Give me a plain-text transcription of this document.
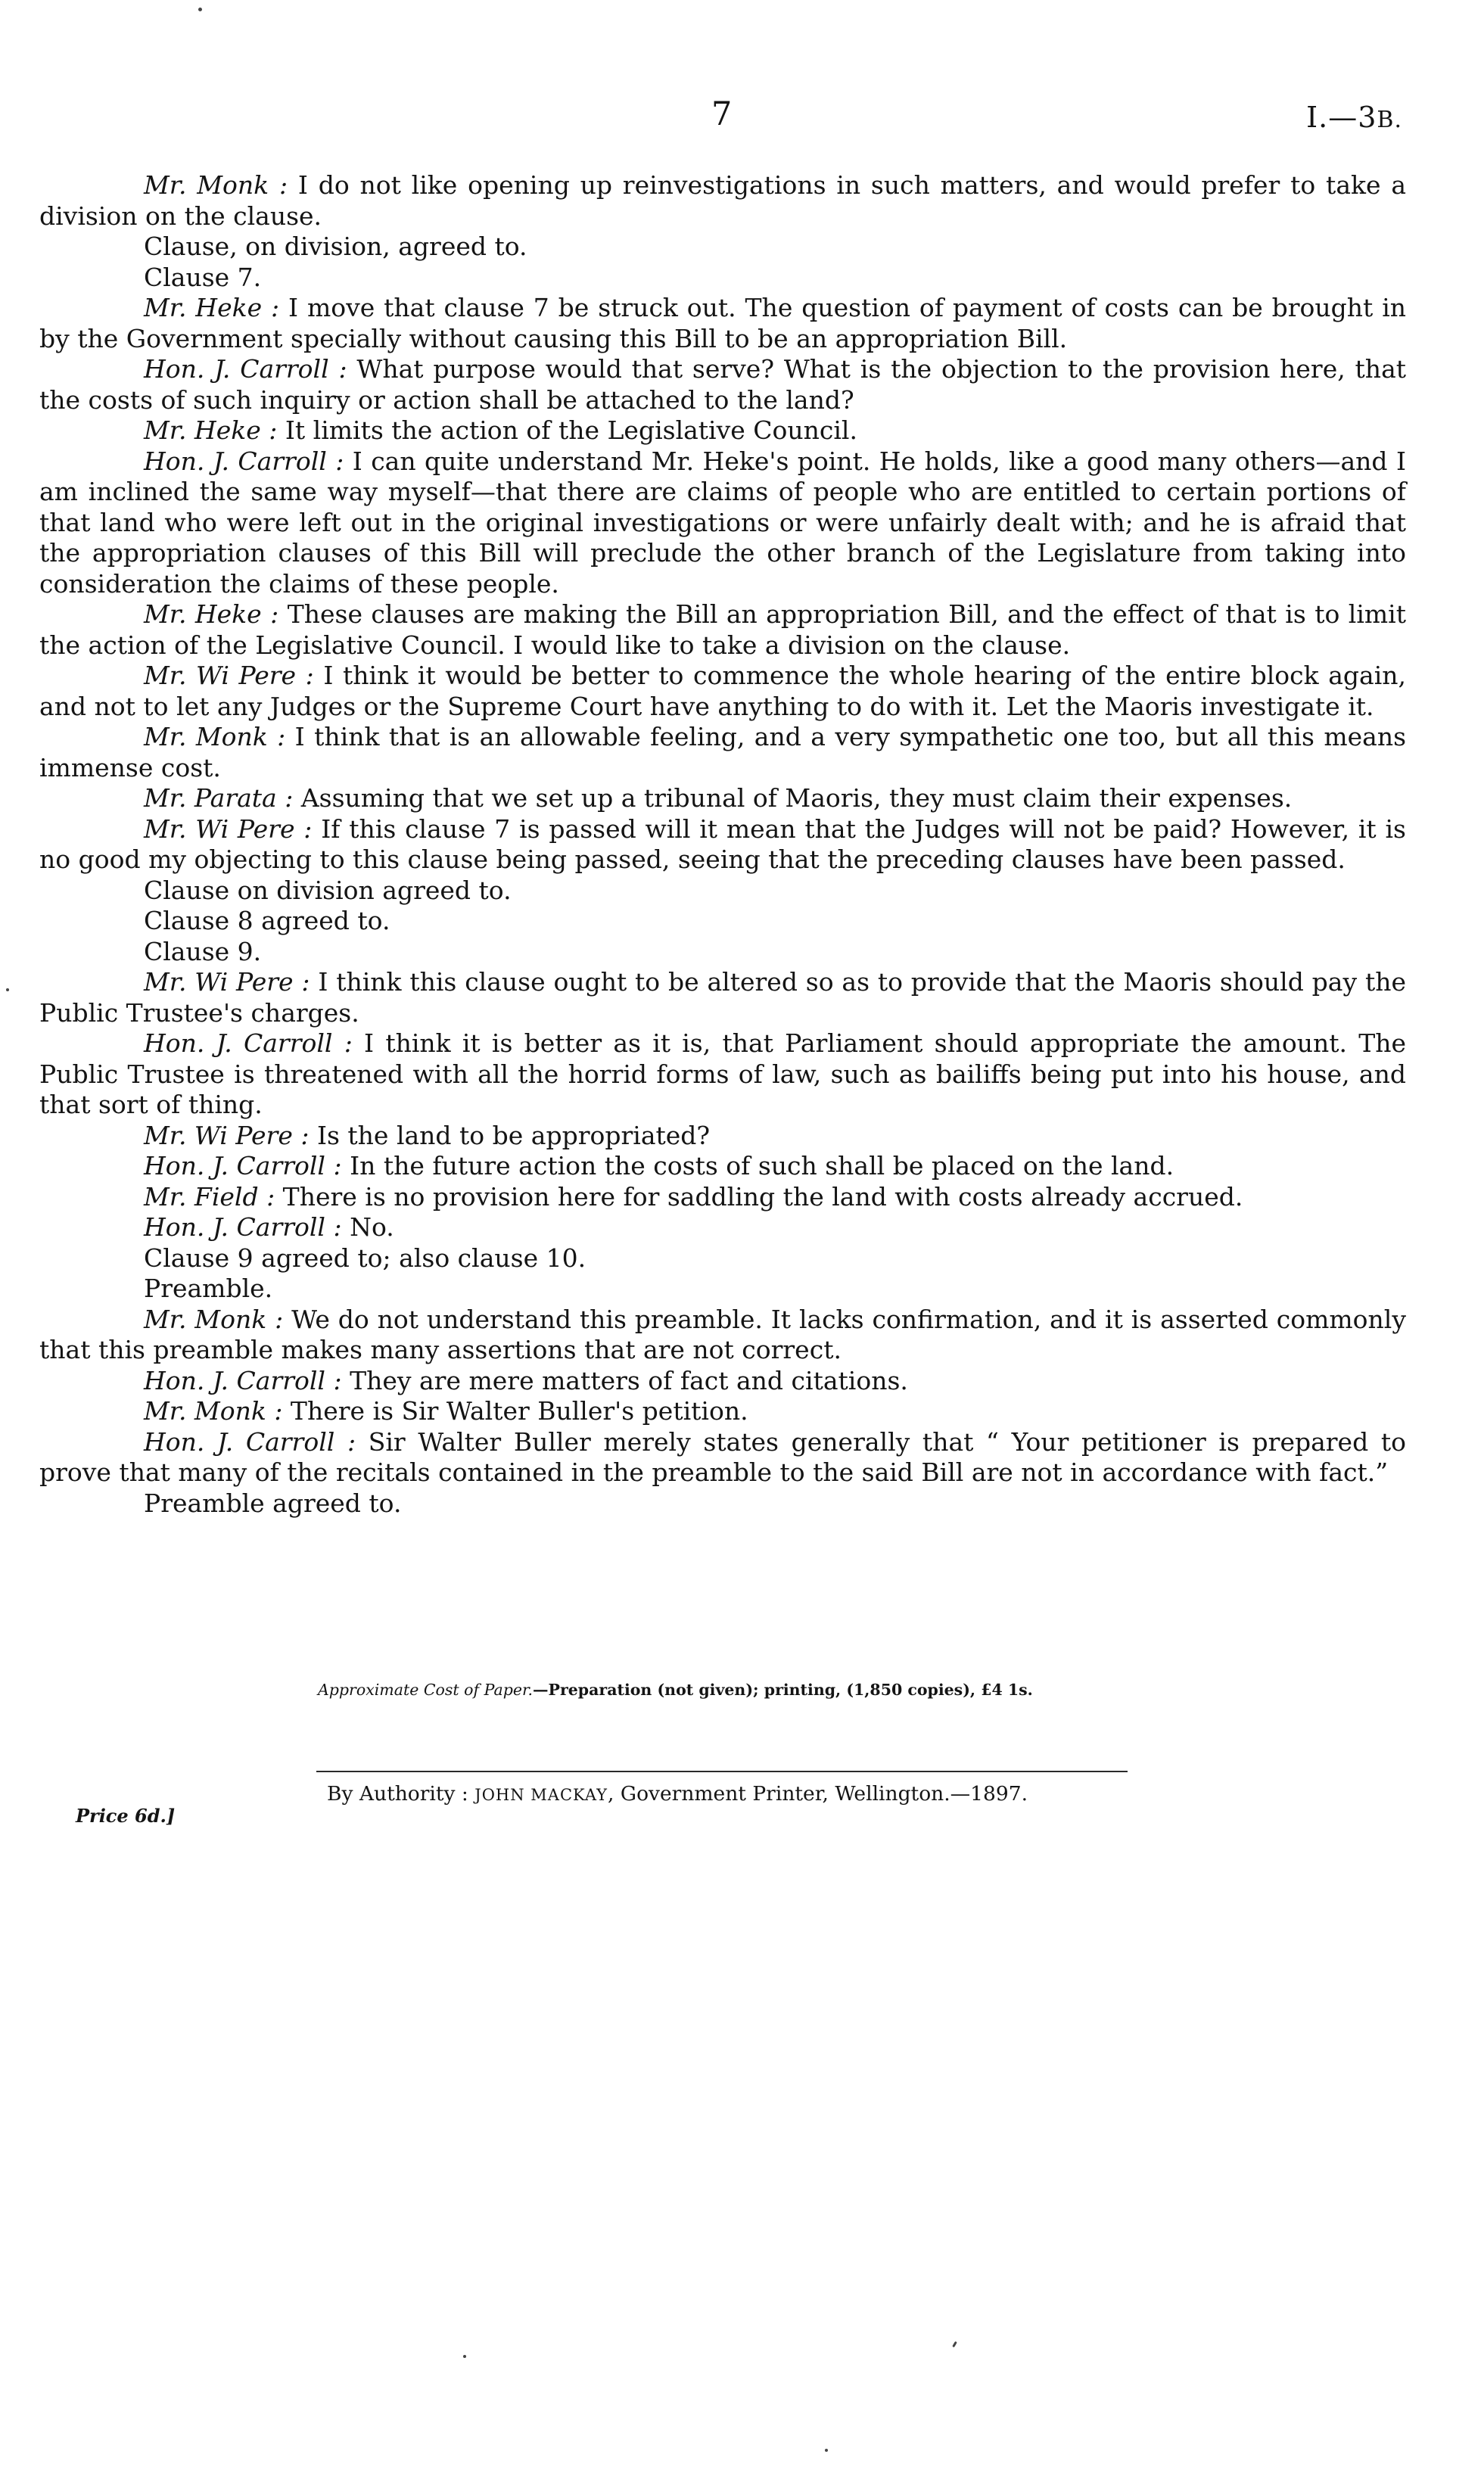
7	I.—3B.

Mr. Monk : I do not like opening up reinvestigations in such matters, and would prefer to take a division on the clause.

Clause, on division, agreed to.

Clause 7.

Mr. Heke : I move that clause 7 be struck out. The question of payment of costs can be brought in by the Government specially without causing this Bill to be an appropriation Bill.

Hon. J. Carroll : What purpose would that serve? What is the objection to the provision here, that the costs of such inquiry or action shall be attached to the land?

Mr. Heke : It limits the action of the Legislative Council.

Hon. J. Carroll : I can quite understand Mr. Heke's point. He holds, like a good many others—and I am inclined the same way myself—that there are claims of people who are entitled to certain portions of that land who were left out in the original investigations or were unfairly dealt with; and he is afraid that the appropriation clauses of this Bill will preclude the other branch of the Legislature from taking into consideration the claims of these people.

Mr. Heke : These clauses are making the Bill an appropriation Bill, and the effect of that is to limit the action of the Legislative Council. I would like to take a division on the clause.

Mr. Wi Pere : I think it would be better to commence the whole hearing of the entire block again, and not to let any Judges or the Supreme Court have anything to do with it. Let the Maoris investigate it.

Mr. Monk : I think that is an allowable feeling, and a very sympathetic one too, but all this means immense cost.

Mr. Parata : Assuming that we set up a tribunal of Maoris, they must claim their expenses.

Mr. Wi Pere : If this clause 7 is passed will it mean that the Judges will not be paid? However, it is no good my objecting to this clause being passed, seeing that the preceding clauses have been passed.

Clause on division agreed to.

Clause 8 agreed to.

Clause 9.

Mr. Wi Pere : I think this clause ought to be altered so as to provide that the Maoris should pay the Public Trustee's charges.

Hon. J. Carroll : I think it is better as it is, that Parliament should appropriate the amount. The Public Trustee is threatened with all the horrid forms of law, such as bailiffs being put into his house, and that sort of thing.

Mr. Wi Pere : Is the land to be appropriated?

Hon. J. Carroll : In the future action the costs of such shall be placed on the land.

Mr. Field : There is no provision here for saddling the land with costs already accrued.

Hon. J. Carroll : No.

Clause 9 agreed to; also clause 10.

Preamble.

Mr. Monk : We do not understand this preamble. It lacks confirmation, and it is asserted commonly that this preamble makes many assertions that are not correct.

Hon. J. Carroll : They are mere matters of fact and citations.

Mr. Monk : There is Sir Walter Buller's petition.

Hon. J. Carroll : Sir Walter Buller merely states generally that “ Your petitioner is prepared to prove that many of the recitals contained in the preamble to the said Bill are not in accordance with fact.”

Preamble agreed to.

Approximate Cost of Paper.—Preparation (not given); printing, (1,850 copies), £4 1s.
By Authority : JOHN MACKAY, Government Printer, Wellington.—1897.
Price 6d.]
